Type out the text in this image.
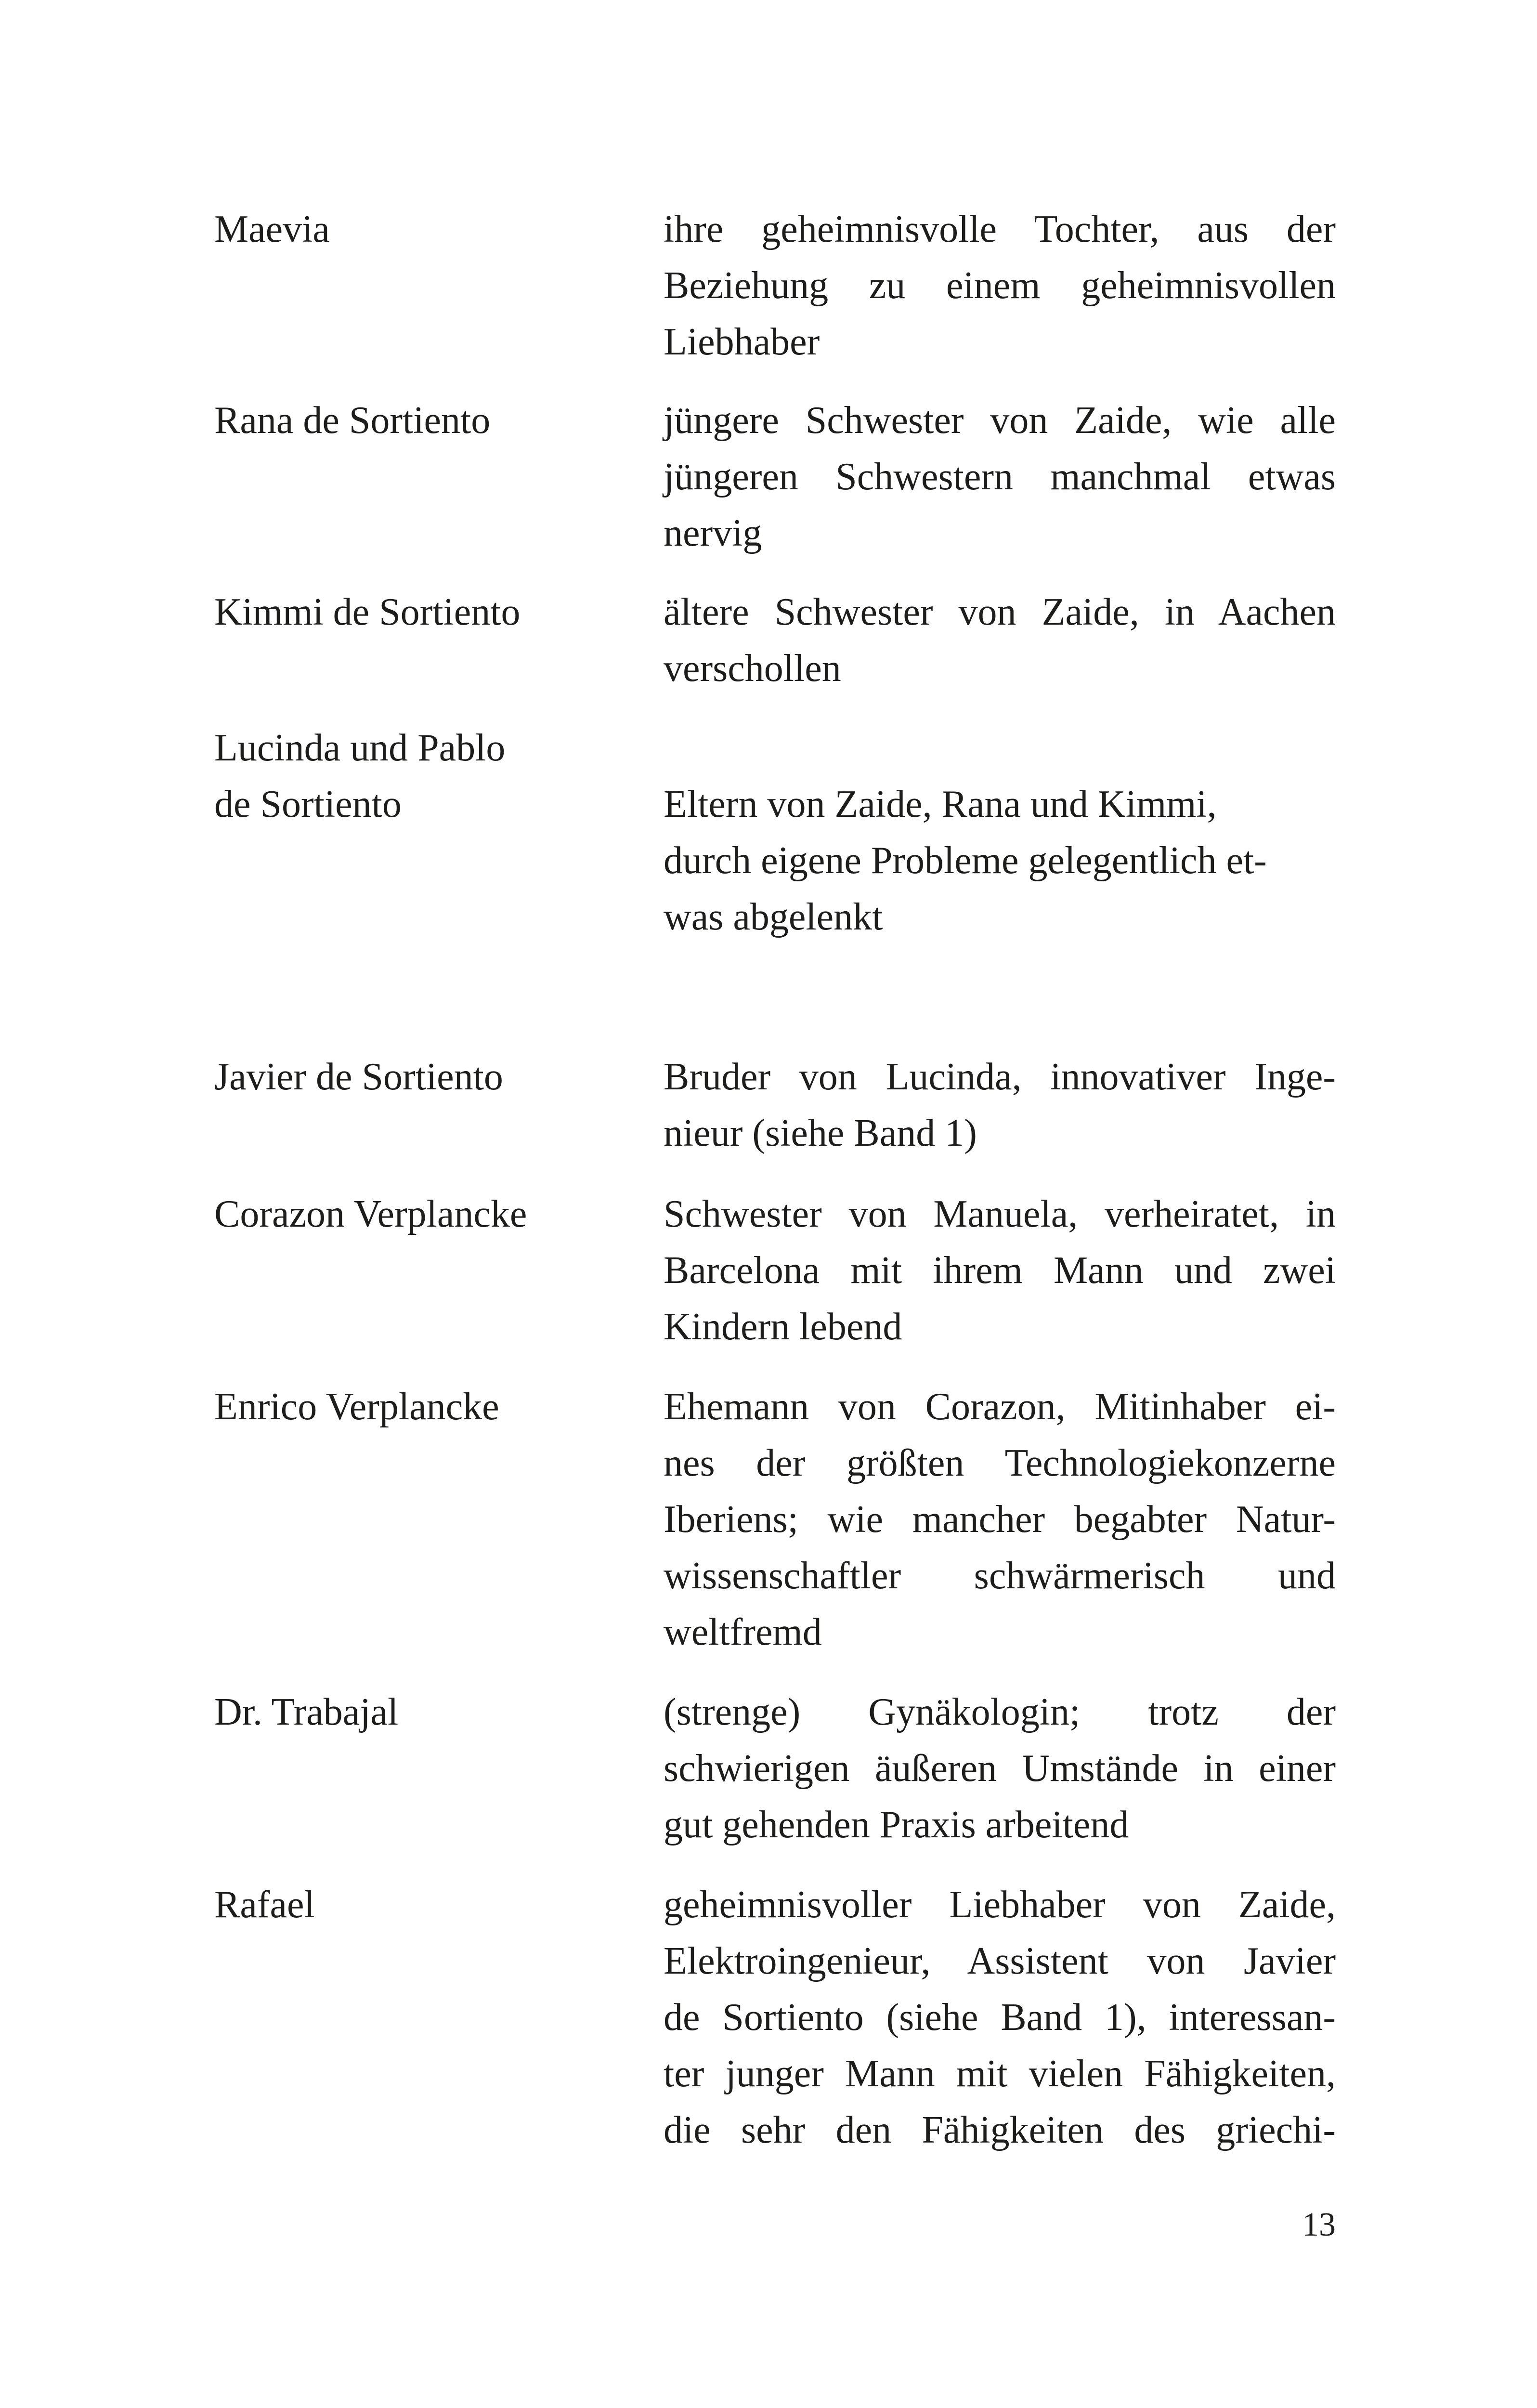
Maevia	ihre geheimnisvolle Tochter, aus der
Beziehung zu einem geheimnisvollen
Liebhaber
Rana de Sortiento	jüngere Schwester von Zaide, wie alle
jüngeren Schwestern manchmal etwas
nervig
Kimmi de Sortiento	ältere Schwester von Zaide, in Aachen
verschollen
Lucinda und Pablo
de Sortiento	Eltern von Zaide, Rana und Kimmi,
durch eigene Probleme gelegentlich et-
was abgelenkt
Javier de Sortiento	Bruder von Lucinda, innovativer Inge-
nieur (siehe Band 1)
Corazon Verplancke	Schwester von Manuela, verheiratet, in
Barcelona mit ihrem Mann und zwei
Kindern lebend
Enrico Verplancke	Ehemann von Corazon, Mitinhaber ei-
nes der größten Technologiekonzerne
Iberiens; wie mancher begabter Natur-
wissenschaftler schwärmerisch und
weltfremd
Dr. Trabajal	(strenge) Gynäkologin; trotz der
schwierigen äußeren Umstände in einer
gut gehenden Praxis arbeitend
Rafael	geheimnisvoller Liebhaber von Zaide,
Elektroingenieur, Assistent von Javier
de Sortiento (siehe Band 1), interessan-
ter junger Mann mit vielen Fähigkeiten,
die sehr den Fähigkeiten des griechi-
13
